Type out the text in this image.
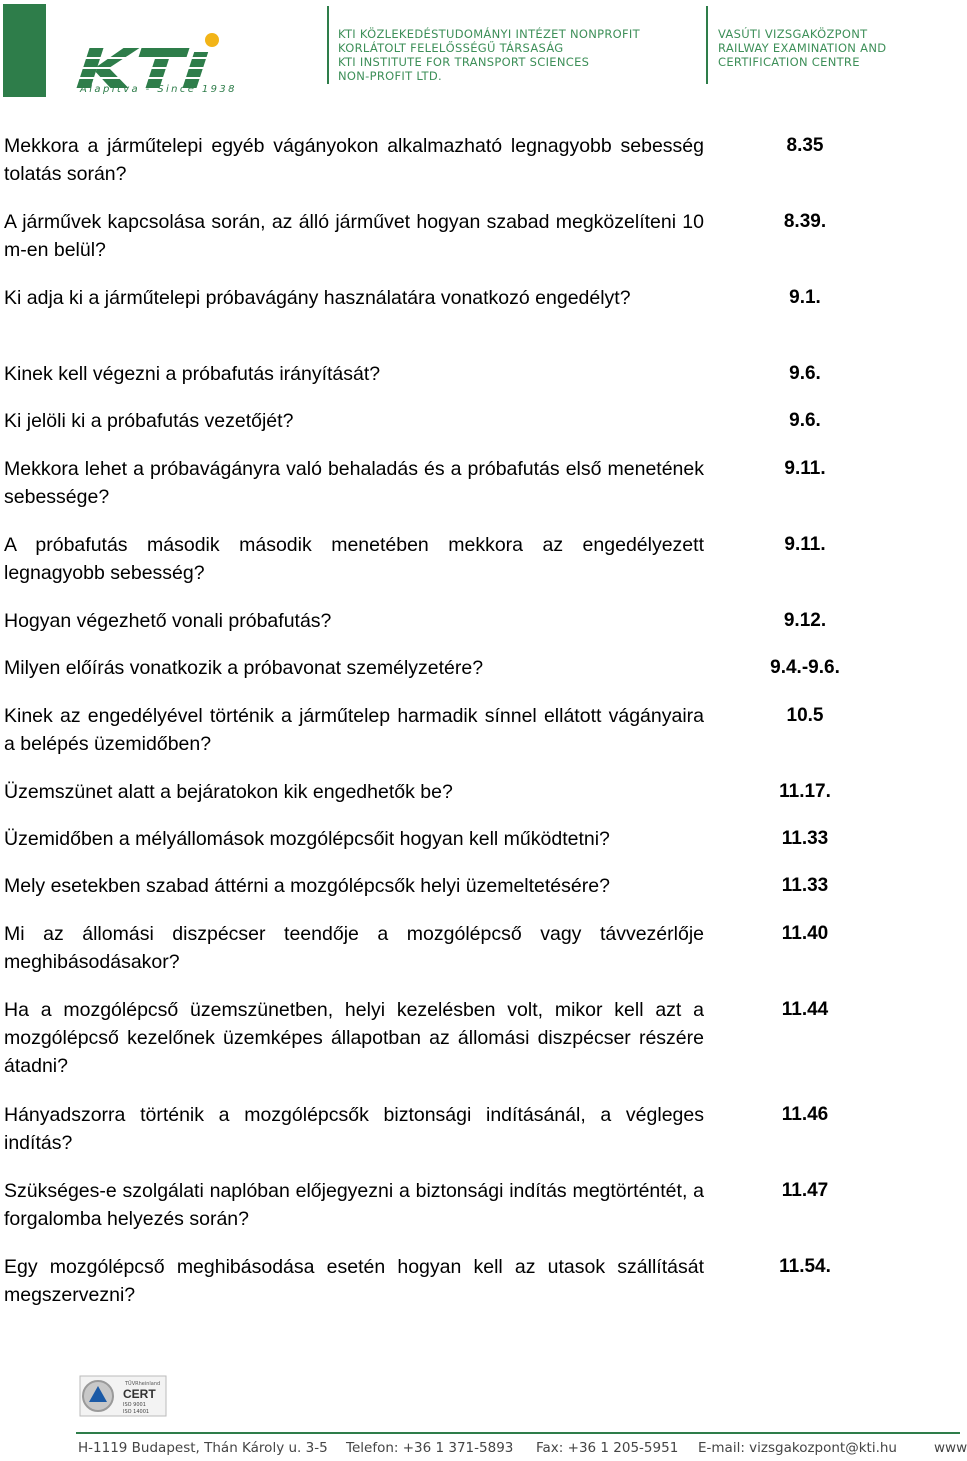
Alapítva - Since 1938
KTI KÖZLEKEDÉSTUDOMÁNYI INTÉZET NONPROFIT
KORLÁTOLT FELELŐSSÉGŰ TÁRSASÁG
KTI INSTITUTE FOR TRANSPORT SCIENCES
NON-PROFIT LTD.
VASÚTI VIZSGAKÖZPONT
RAILWAY EXAMINATION AND
CERTIFICATION CENTRE
Mekkora a járműtelepi egyéb vágányokon alkalmazható legnagyobb sebesség tolatás során?
8.35
A járművek kapcsolása során, az álló járművet hogyan szabad megközelíteni 10 m-en belül?
8.39.
Ki adja ki a járműtelepi próbavágány használatára vonatkozó engedélyt?	9.1.
Kinek kell végezni a próbafutás irányítását?	9.6.
Ki jelöli ki a próbafutás vezetőjét?	9.6.
Mekkora lehet a próbavágányra való behaladás és a próbafutás első menetének sebessége?
9.11.
A próbafutás második második menetében mekkora az engedélyezett legnagyobb sebesség?
9.11.
Hogyan végezhető vonali próbafutás?	9.12.
Milyen előírás vonatkozik a próbavonat személyzetére?	9.4.-9.6.
Kinek az engedélyével történik a járműtelep harmadik sínnel ellátott vágányaira a belépés üzemidőben?
10.5
Üzemszünet alatt a bejáratokon kik engedhetők be?	11.17.
Üzemidőben a mélyállomások mozgólépcsőit hogyan kell működtetni?	11.33
Mely esetekben szabad áttérni a mozgólépcsők helyi üzemeltetésére?	11.33
Mi az állomási diszpécser teendője a mozgólépcső vagy távvezérlője meghibásodásakor?
11.40
Ha a mozgólépcső üzemszünetben, helyi kezelésben volt, mikor kell azt a mozgólépcső kezelőnek üzemképes állapotban az állomási diszpécser részére átadni?
11.44
Hányadszorra történik a mozgólépcsők biztonsági indításánál, a végleges indítás?
11.46
Szükséges-e szolgálati naplóban előjegyezni a biztonsági indítás megtörténtét, a forgalomba helyezés során?
11.47
Egy mozgólépcső meghibásodása esetén hogyan kell az utasok szállítását megszervezni?
11.54.
TÜVRheinland
CERT
ISO 9001
ISO 14001
H-1119 Budapest, Thán Károly u. 3-5 Telefon: +36 1 371-5893 Fax: +36 1 205-5951 E-mail: vizsgakozpont@kti.hu	www
